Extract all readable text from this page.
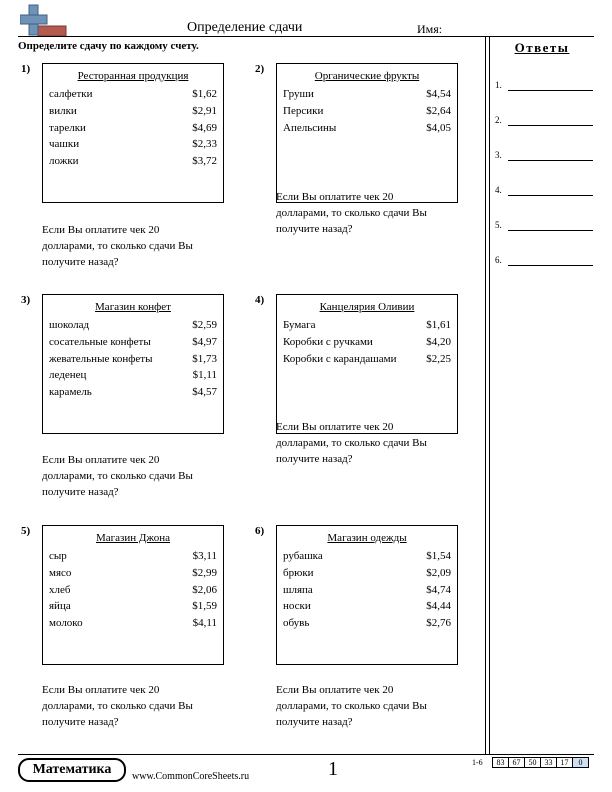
Определение сдачи	Имя:
Определите сдачу по каждому счету.	Ответы
1.
2.
3.
4.
5.
6.
1)
Ресторанная продукция
салфетки	$1,62
вилки	$2,91
тарелки	$4,69
чашки	$2,33
ложки	$3,72
Если Вы оплатите чек 20
долларами, то сколько сдачи Вы
получите назад?
2)
Органические фрукты
Груши	$4,54
Персики	$2,64
Апельсины	$4,05
Если Вы оплатите чек 20
долларами, то сколько сдачи Вы
получите назад?
3)
Магазин конфет
шоколад	$2,59
сосательные конфеты	$4,97
жевательные конфеты	$1,73
леденец	$1,11
карамель	$4,57
Если Вы оплатите чек 20
долларами, то сколько сдачи Вы
получите назад?
4)
Канцелярия Оливии
Бумага	$1,61
Коробки с ручками	$4,20
Коробки с карандашами	$2,25
Если Вы оплатите чек 20
долларами, то сколько сдачи Вы
получите назад?
5)
Магазин Джона
сыр	$3,11
мясо	$2,99
хлеб	$2,06
яйца	$1,59
молоко	$4,11
Если Вы оплатите чек 20
долларами, то сколько сдачи Вы
получите назад?
6)
Магазин одежды
рубашка	$1,54
брюки	$2,09
шляпа	$4,74
носки	$4,44
обувь	$2,76
Если Вы оплатите чек 20
долларами, то сколько сдачи Вы
получите назад?
Математика	www.CommonCoreSheets.ru	1	1-6	83	67	50	33	17	0
